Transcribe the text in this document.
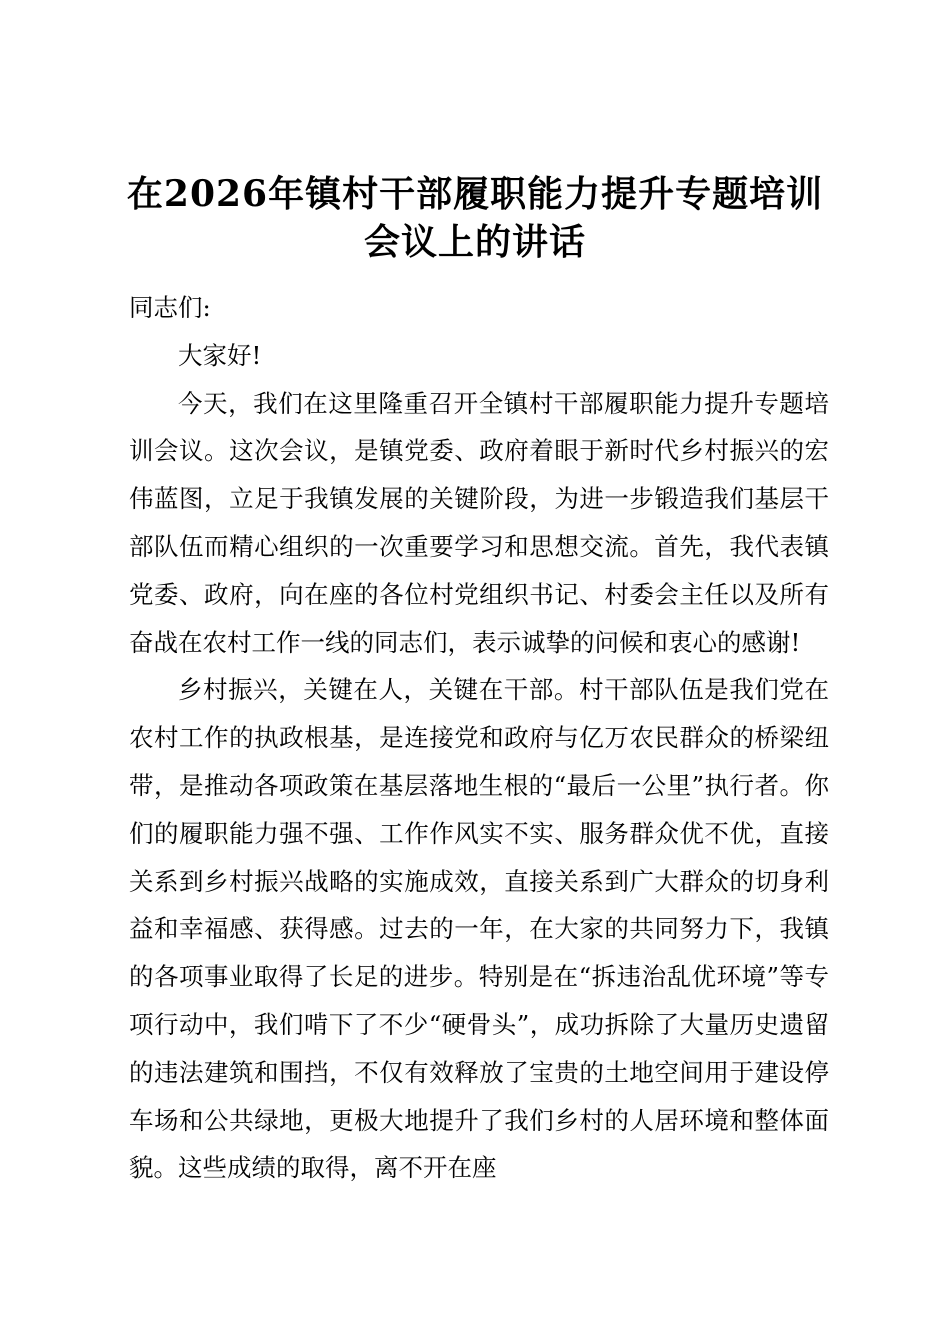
在2026年镇村干部履职能力提升专题培训
会议上的讲话

同志们:

大家好!

今天，我们在这里隆重召开全镇村干部履职能力提升专题培训会议。这次会议，是镇党委、政府着眼于新时代乡村振兴的宏伟蓝图，立足于我镇发展的关键阶段，为进一步锻造我们基层干部队伍而精心组织的一次重要学习和思想交流。首先，我代表镇党委、政府，向在座的各位村党组织书记、村委会主任以及所有奋战在农村工作一线的同志们，表示诚挚的问候和衷心的感谢!

乡村振兴，关键在人，关键在干部。村干部队伍是我们党在农村工作的执政根基，是连接党和政府与亿万农民群众的桥梁纽带，是推动各项政策在基层落地生根的“最后一公里”执行者。你们的履职能力强不强、工作作风实不实、服务群众优不优，直接关系到乡村振兴战略的实施成效，直接关系到广大群众的切身利益和幸福感、获得感。过去的一年，在大家的共同努力下，我镇的各项事业取得了长足的进步。特别是在“拆违治乱优环境”等专项行动中，我们啃下了不少“硬骨头”，成功拆除了大量历史遗留的违法建筑和围挡，不仅有效释放了宝贵的土地空间用于建设停车场和公共绿地，更极大地提升了我们乡村的人居环境和整体面貌。这些成绩的取得，离不开在座
